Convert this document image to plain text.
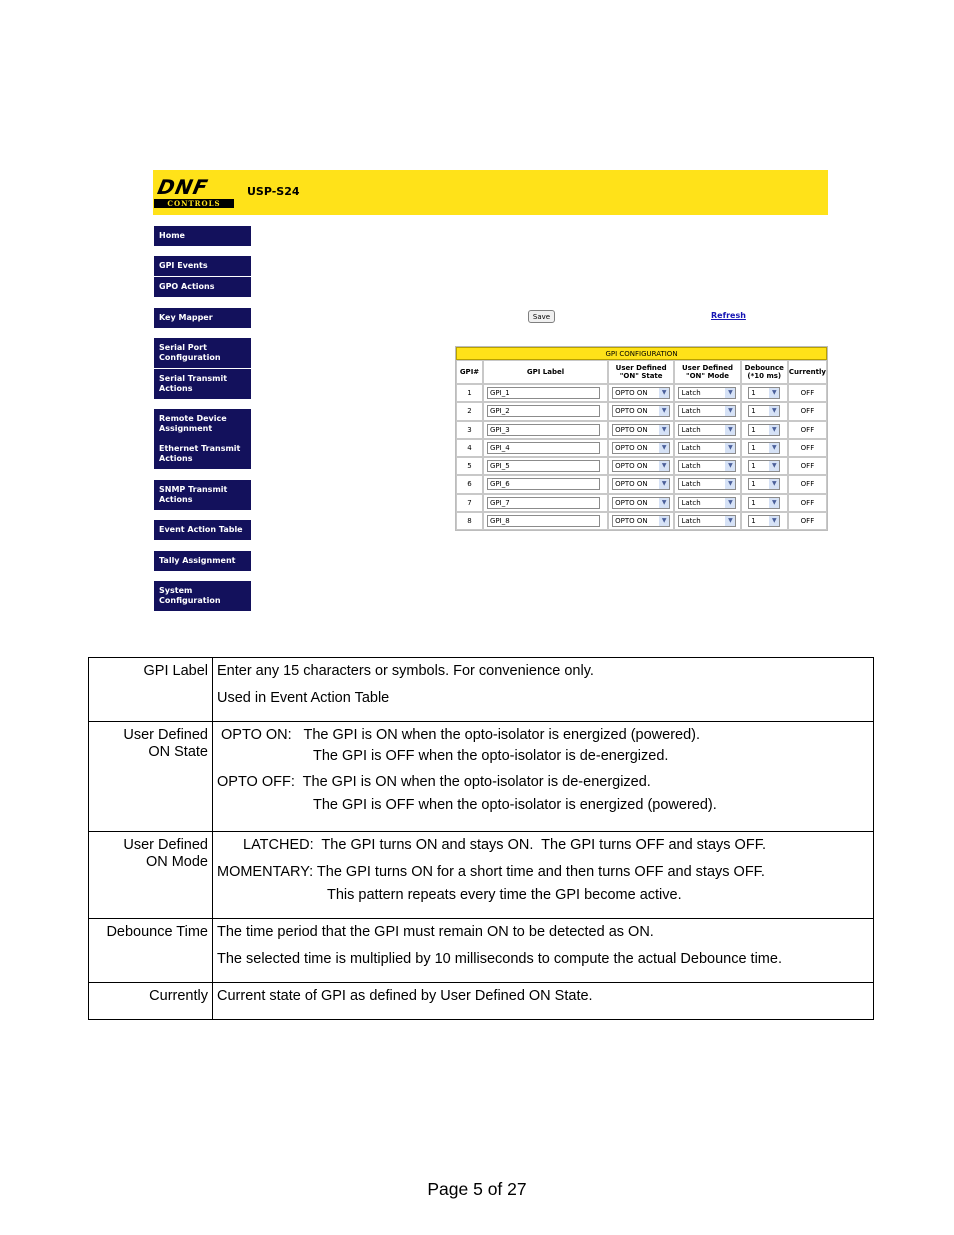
DNF
CONTROLS
USP-S24
Home
GPI Events
GPO Actions
Key Mapper
Serial Port Configuration
Serial Transmit Actions
Remote Device Assignment
Ethernet Transmit Actions
SNMP Transmit Actions
Event Action Table
Tally Assignment
System Configuration
Save	Refresh
GPI CONFIGURATION					
GPI#	GPI Label	User Defined "ON" State	User Defined "ON" Mode	Debounce (*10 ms)	Currently
1	GPI_1	OPTO ON ▼	Latch ▼	1 ▼	OFF
2	GPI_2	OPTO ON ▼	Latch ▼	1 ▼	OFF
3	GPI_3	OPTO ON ▼	Latch ▼	1 ▼	OFF
4	GPI_4	OPTO ON ▼	Latch ▼	1 ▼	OFF
5	GPI_5	OPTO ON ▼	Latch ▼	1 ▼	OFF
6	GPI_6	OPTO ON ▼	Latch ▼	1 ▼	OFF
7	GPI_7	OPTO ON ▼	Latch ▼	1 ▼	OFF
8	GPI_8	OPTO ON ▼	Latch ▼	1 ▼	OFF
GPI Label	Enter any 15 characters or symbols. For convenience only.

Used in Event Action Table

User Defined ON State	OPTO ON:   The GPI is ON when the opto-isolator is energized (powered).

The GPI is OFF when the opto-isolator is de-energized.

OPTO OFF:  The GPI is ON when the opto-isolator is de-energized.

The GPI is OFF when the opto-isolator is energized (powered).

User Defined ON Mode	LATCHED:  The GPI turns ON and stays ON.  The GPI turns OFF and stays OFF.

MOMENTARY: The GPI turns ON for a short time and then turns OFF and stays OFF.

This pattern repeats every time the GPI become active.

Debounce Time	The time period that the GPI must remain ON to be detected as ON.

The selected time is multiplied by 10 milliseconds to compute the actual Debounce time.

Currently	Current state of GPI as defined by User Defined ON State.

Page 5 of 27
